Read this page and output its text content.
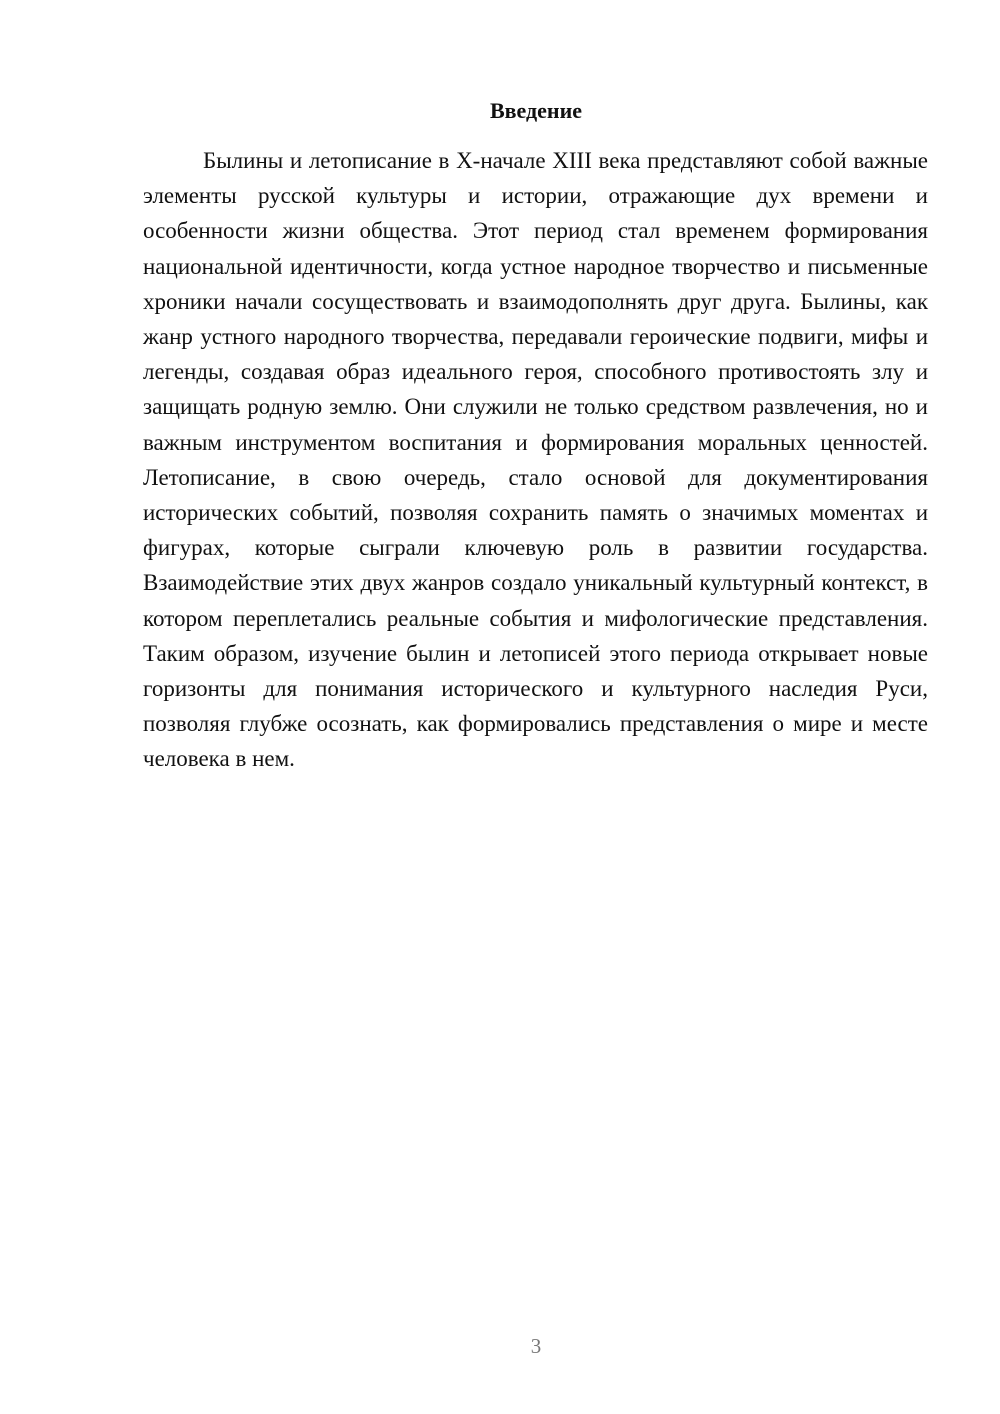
Введение

Былины и летописание в X-начале XIII века представляют собой важные элементы русской культуры и истории, отражающие дух времени и особенности жизни общества. Этот период стал временем формирования национальной идентичности, когда устное народное творчество и письменные хроники начали сосуществовать и взаимодополнять друг друга. Былины, как жанр устного народного творчества, передавали героические подвиги, мифы и легенды, создавая образ идеального героя, способного противостоять злу и защищать родную землю. Они служили не только средством развлечения, но и важным инструментом воспитания и формирования моральных ценностей. Летописание, в свою очередь, стало основой для документирования исторических событий, позволяя сохранить память о значимых моментах и фигурах, которые сыграли ключевую роль в развитии государства. Взаимодействие этих двух жанров создало уникальный культурный контекст, в котором переплетались реальные события и мифологические представления. Таким образом, изучение былин и летописей этого периода открывает новые горизонты для понимания исторического и культурного наследия Руси, позволяя глубже осознать, как формировались представления о мире и месте человека в нем.

3
